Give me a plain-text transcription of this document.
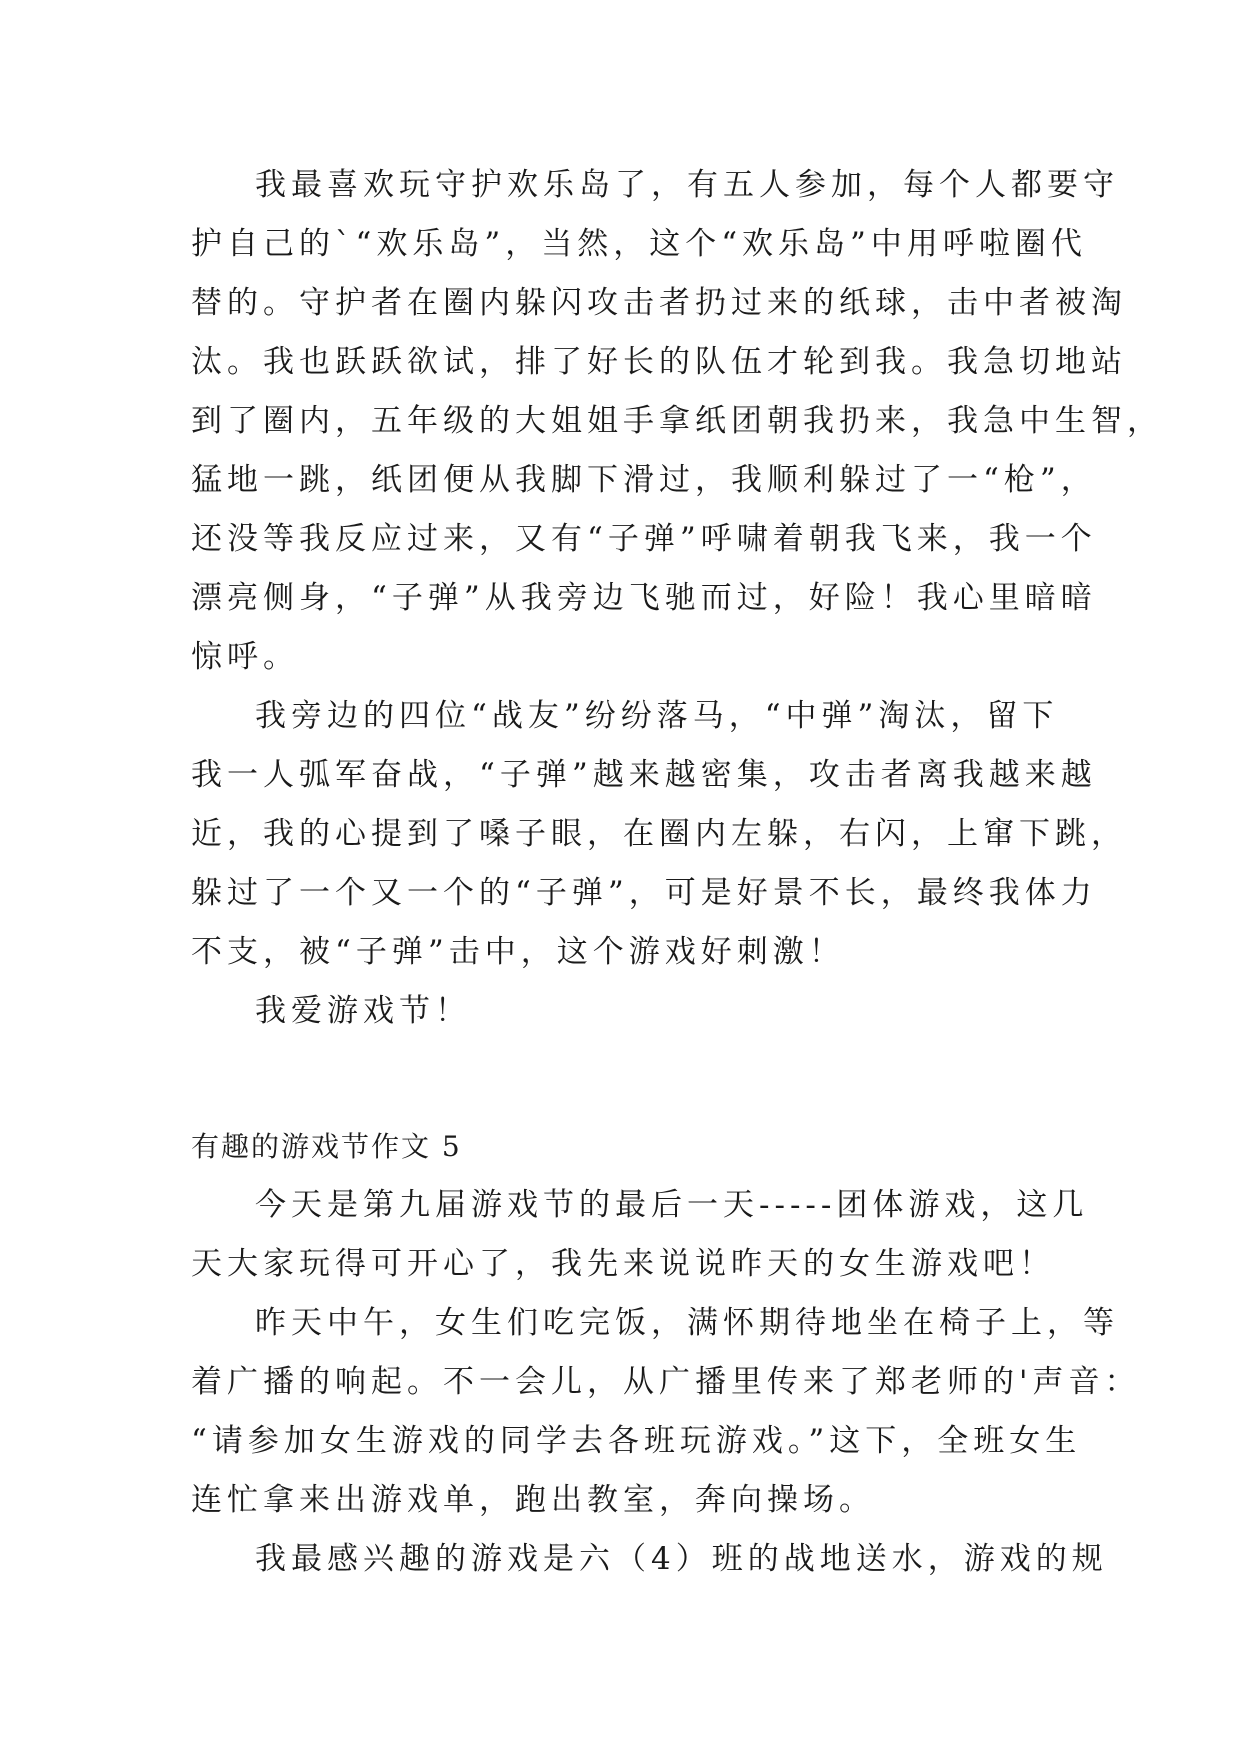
我最喜欢玩守护欢乐岛了，有五人参加，每个人都要守
护自己的`“欢乐岛”，当然，这个“欢乐岛”中用呼啦圈代
替的。守护者在圈内躲闪攻击者扔过来的纸球，击中者被淘
汰。我也跃跃欲试，排了好长的队伍才轮到我。我急切地站
到了圈内，五年级的大姐姐手拿纸团朝我扔来，我急中生智，
猛地一跳，纸团便从我脚下滑过，我顺利躲过了一“枪”，
还没等我反应过来，又有“子弹”呼啸着朝我飞来，我一个
漂亮侧身，“子弹”从我旁边飞驰而过，好险！我心里暗暗
惊呼。
我旁边的四位“战友”纷纷落马，“中弹”淘汰，留下
我一人弧军奋战，“子弹”越来越密集，攻击者离我越来越
近，我的心提到了嗓子眼，在圈内左躲，右闪，上窜下跳，
躲过了一个又一个的“子弹”，可是好景不长，最终我体力
不支，被“子弹”击中，这个游戏好刺激！
我爱游戏节！
有趣的游戏节作文 5
今天是第九届游戏节的最后一天-----团体游戏，这几
天大家玩得可开心了，我先来说说昨天的女生游戏吧！
昨天中午，女生们吃完饭，满怀期待地坐在椅子上，等
着广播的响起。不一会儿，从广播里传来了郑老师的'声音：
“请参加女生游戏的同学去各班玩游戏。”这下，全班女生
连忙拿来出游戏单，跑出教室，奔向操场。
我最感兴趣的游戏是六（4）班的战地送水，游戏的规
